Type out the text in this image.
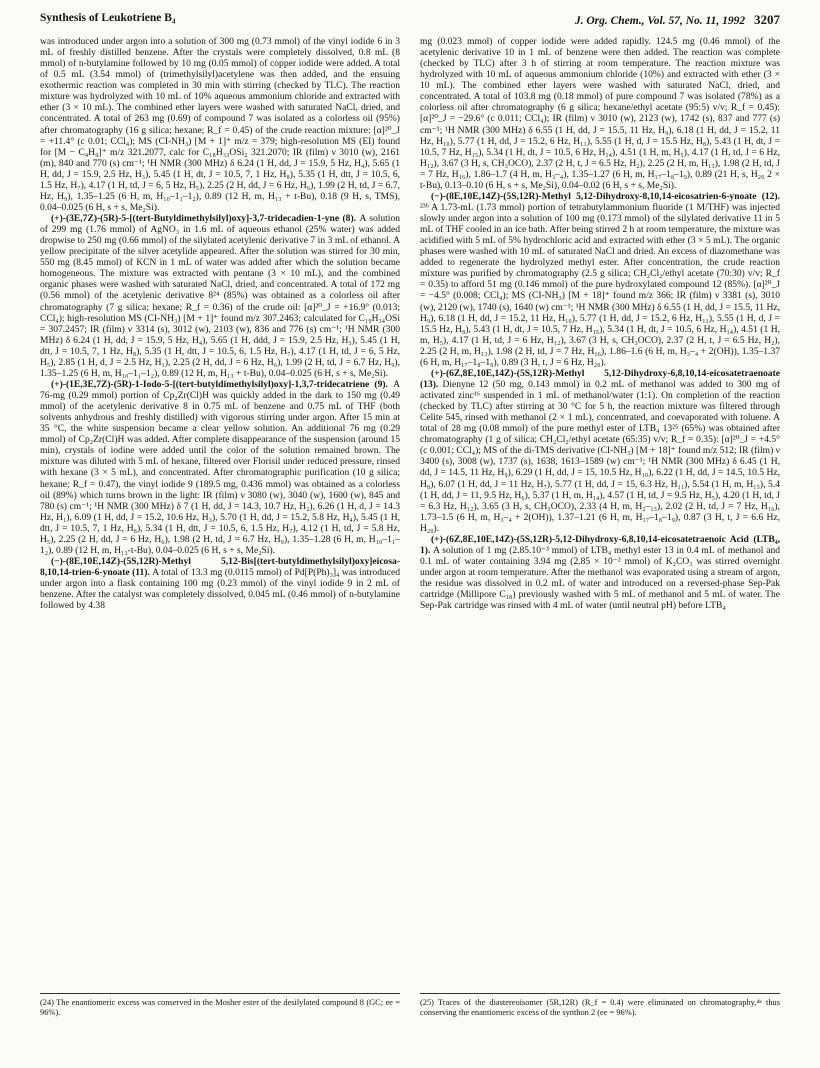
Synthesis of Leukotriene B₄	J. Org. Chem., Vol. 57, No. 11, 1992 3207

was introduced under argon into a solution of 300 mg (0.73 mmol) of the vinyl iodide 6 in 3 mL of freshly distilled benzene. After the crystals were completely dissolved, 0.8 mL (8 mmol) of n-butylamine followed by 10 mg (0.05 mmol) of copper iodide were added. A total of 0.5 mL (3.54 mmol) of (trimethylsilyl)acetylene was then added, and the ensuing exothermic reaction was completed in 30 min with stirring (checked by TLC). The reaction mixture was hydrolyzed with 10 mL of 10% aqueous ammonium chloride and extracted with ether (3 × 10 mL). The combined ether layers were washed with saturated NaCl, dried, and concentrated. A total of 263 mg (0.69) of compound 7 was isolated as a colorless oil (95%) after chromatography (16 g silica; hexane; R_f = 0.45) of the crude reaction mixture: [α]²⁰_J = +11.4° (c 0.01; CCl₄); MS (CI-NH₃) [M + 1]⁺ m/z = 379; high-resolution MS (EI) found for [M − C₄H₉]⁺ m/z 321.2077, calc for C₁₈H₃₃OSi₂ 321.2070; IR (film) ν 3010 (w), 2161 (m), 840 and 770 (s) cm⁻¹; ¹H NMR (300 MHz) δ 6.24 (1 H, dd, J = 15.9, 5 Hz, H₄), 5.65 (1 H, dd, J = 15.9, 2.5 Hz, H₃), 5.45 (1 H, dt, J = 10.5, 7, 1 Hz, H₈), 5.35 (1 H, dtt, J = 10.5, 6, 1.5 Hz, H₇), 4.17 (1 H, td, J = 6, 5 Hz, H₅), 2.25 (2 H, dd, J = 6 Hz, H₆), 1.99 (2 H, td, J = 6.7, Hz, H₉), 1.35–1.25 (6 H, m, H₁₀–1₁–1₂), 0.89 (12 H, m, H₁₃ + t-Bu), 0.18 (9 H, s, TMS), 0.04–0.025 (6 H, s + s, Me₂Si).

(+)-(3E,7Z)-(5R)-5-[(tert-Butyldimethylsilyl)oxy]-3,7-tridecadien-1-yne (8). A solution of 299 mg (1.76 mmol) of AgNO₃ in 1.6 mL of aqueous ethanol (25% water) was added dropwise to 250 mg (0.66 mmol) of the silylated acetylenic derivative 7 in 3 mL of ethanol. A yellow precipitate of the silver acetylide appeared. After the solution was stirred for 30 min, 550 mg (8.45 mmol) of KCN in 1 mL of water was added after which the solution became homogeneous. The mixture was extracted with pentane (3 × 10 mL), and the combined organic phases were washed with saturated NaCl, dried, and concentrated. A total of 172 mg (0.56 mmol) of the acetylenic derivative 8²⁴ (85%) was obtained as a colorless oil after chromatography (7 g silica; hexane; R_f = 0.36) of the crude oil: [α]²⁰_J = +16.9° (0.013; CCl₄); high-resolution MS (CI-NH₃) [M + 1]⁺ found m/z 307.2463; calculated for C₁₉H₃₄OSi = 307.2457; IR (film) ν 3314 (s), 3012 (w), 2103 (w), 836 and 776 (s) cm⁻¹; ¹H NMR (300 MHz) δ 6.24 (1 H, dd, J = 15.9, 5 Hz, H₄), 5.65 (1 H, ddd, J = 15.9, 2.5 Hz, H₃), 5.45 (1 H, dtt, J = 10.5, 7, 1 Hz, H₈), 5.35 (1 H, dtt, J = 10.5, 6, 1.5 Hz, H₇), 4.17 (1 H, td, J = 6, 5 Hz, H₅), 2.85 (1 H, d, J = 2.5 Hz, H₁), 2.25 (2 H, dd, J = 6 Hz, H₆), 1.99 (2 H, td, J = 6.7 Hz, H₉), 1.35–1.25 (6 H, m, H₁₀–1₁–1₂), 0.89 (12 H, m, H₁₃ + t-Bu), 0.04–0.025 (6 H, s + s, Me₂Si).

(+)-(1E,3E,7Z)-(5R)-1-Iodo-5-[(tert-butyldimethylsilyl)oxy]-1,3,7-tridecatriene (9). A 76-mg (0.29 mmol) portion of Cp₂Zr(Cl)H was quickly added in the dark to 150 mg (0.49 mmol) of the acetylenic derivative 8 in 0.75 mL of benzene and 0.75 mL of THF (both solvents anhydrous and freshly distilled) with vigorous stirring under argon. After 15 min at 35 °C, the white suspension became a clear yellow solution. An additional 76 mg (0.29 mmol) of Cp₂Zr(Cl)H was added. After complete disappearance of the suspension (around 15 min), crystals of iodine were added until the color of the solution remained brown. The mixture was diluted with 5 mL of hexane, filtered over Florisil under reduced pressure, rinsed with hexane (3 × 5 mL), and concentrated. After chromatographic purification (10 g silica; hexane; R_f = 0.47), the vinyl iodide 9 (189.5 mg, 0.436 mmol) was obtained as a colorless oil (89%) which turns brown in the light: IR (film) ν 3080 (w), 3040 (w), 1600 (w), 845 and 780 (s) cm⁻¹; ¹H NMR (300 MHz) δ 7 (1 H, dd, J = 14.3, 10.7 Hz, H₂), 6.26 (1 H, d, J = 14.3 Hz, H₁), 6.09 (1 H, dd, J = 15.2, 10.6 Hz, H₃), 5.70 (1 H, dd, J = 15.2, 5.8 Hz, H₄), 5.45 (1 H, dtt, J = 10.5, 7, 1 Hz, H₈), 5.34 (1 H, dtt, J = 10.5, 6, 1.5 Hz, H₇), 4.12 (1 H, td, J = 5.8 Hz, H₅), 2.25 (2 H, dd, J = 6 Hz, H₆), 1.98 (2 H, td, J = 6.7 Hz, H₉), 1.35–1.28 (6 H, m, H₁₀–1₁–1₂), 0.89 (12 H, m, H₁₃-t-Bu), 0.04–0.025 (6 H, s + s, Me₂Si).

(−)-(8E,10E,14Z)-(5S,12R)-Methyl 5,12-Bis[(tert-butyldimethylsilyl)oxy]eicosa-8,10,14-trien-6-ynoate (11). A total of 13.3 mg (0.0115 mmol) of Pd[P(Ph)₃]₄ was introduced under argon into a flask containing 100 mg (0.23 mmol) of the vinyl iodide 9 in 2 mL of benzene. After the catalyst was completely dissolved, 0.045 mL (0.46 mmol) of n-butylamine followed by 4.38

mg (0.023 mmol) of copper iodide were added rapidly. 124.5 mg (0.46 mmol) of the acetylenic derivative 10 in 1 mL of benzene were then added. The reaction was complete (checked by TLC) after 3 h of stirring at room temperature. The reaction mixture was hydrolyzed with 10 mL of aqueous ammonium chloride (10%) and extracted with ether (3 × 10 mL). The combined ether layers were washed with saturated NaCl, dried, and concentrated. A total of 103.8 mg (0.18 mmol) of pure compound 7 was isolated (78%) as a colorless oil after chromatography (6 g silica; hexane/ethyl acetate (95:5) v/v; R_f = 0.45): [α]²⁰_J = −29.6° (c 0.011; CCl₄); IR (film) ν 3010 (w), 2123 (w), 1742 (s), 837 and 777 (s) cm⁻¹; ¹H NMR (300 MHz) δ 6.55 (1 H, dd, J = 15.5, 11 Hz, H₉), 6.18 (1 H, dd, J = 15.2, 11 Hz, H₁₀), 5.77 (1 H, dd, J = 15.2, 6 Hz, H₁₁), 5.55 (1 H, d, J = 15.5 Hz, H₈), 5.43 (1 H, dt, J = 10.5, 7 Hz, H₁₅), 5.34 (1 H, dt, J = 10.5, 6 Hz, H₁₄), 4.51 (1 H, m, H₅), 4.17 (1 H, td, J = 6 Hz, H₁₂), 3.67 (3 H, s, CH₃OCO), 2.37 (2 H, t, J = 6.5 Hz, H₂), 2.25 (2 H, m, H₁₃), 1.98 (2 H, td, J = 7 Hz, H₁₆), 1.86–1.7 (4 H, m, H₃–₄), 1.35–1.27 (6 H, m, H₁₇–1₈–1₉), 0.89 (21 H, s, H₂₀ 2 × t-Bu), 0.13–0.10 (6 H, s + s, Me₂Si), 0.04–0.02 (6 H, s + s, Me₂Si).

(−)-(8E,10E,14Z)-(5S,12R)-Methyl 5,12-Dihydroxy-8,10,14-eicosatrien-6-ynoate (12). ²³ᵇ A 1.73-mL (1.73 mmol) portion of tetrabutylammonium fluoride (1 M/THF) was injected slowly under argon into a solution of 100 mg (0.173 mmol) of the silylated derivative 11 in 5 mL of THF cooled in an ice bath. After being stirred 2 h at room temperature, the mixture was acidified with 5 mL of 5% hydrochloric acid and extracted with ether (3 × 5 mL). The organic phases were washed with 10 mL of saturated NaCl and dried. An excess of diazomethane was added to regenerate the hydrolyzed methyl ester. After concentration, the crude reaction mixture was purified by chromatography (2.5 g silica; CH₂Cl₂/ethyl acetate (70:30) v/v; R_f = 0.35) to afford 51 mg (0.146 mmol) of the pure hydroxylated compound 12 (85%). [α]²⁰_J = −4.5° (0.008; CCl₄); MS (CI-NH₃) [M + 18]⁺ found m/z 366; IR (film) ν 3381 (s), 3010 (w), 2120 (w), 1740 (s), 1640 (w) cm⁻¹; ¹H NMR (300 MHz) δ 6.55 (1 H, dd, J = 15.5, 11 Hz, H₉), 6.18 (1 H, dd, J = 15.2, 11 Hz, H₁₀), 5.77 (1 H, dd, J = 15.2, 6 Hz, H₁₁), 5.55 (1 H, d, J = 15.5 Hz, H₈), 5.43 (1 H, dt, J = 10.5, 7 Hz, H₁₅), 5.34 (1 H, dt, J = 10.5, 6 Hz, H₁₄), 4.51 (1 H, m, H₅), 4.17 (1 H, td, J = 6 Hz, H₁₂), 3.67 (3 H, s, CH₃OCO), 2.37 (2 H, t, J = 6.5 Hz, H₂), 2.25 (2 H, m, H₁₃), 1.98 (2 H, td, J = 7 Hz, H₁₆), 1.86–1.6 (6 H, m, H₃–₄ + 2(OH)), 1.35–1.37 (6 H, m, H₁₇–1₈–1₉), 0.89 (3 H, t, J = 6 Hz, H₂₀).

(+)-(6Z,8E,10E,14Z)-(5S,12R)-Methyl 5,12-Dihydroxy-6,8,10,14-eicosatetraenoate (13). Dienyne 12 (50 mg, 0.143 mmol) in 0.2 mL of methanol was added to 300 mg of activated zinc¹⁶ suspended in 1 mL of methanol/water (1:1). On completion of the reaction (checked by TLC) after stirring at 30 °C for 5 h, the reaction mixture was filtered through Celite 545, rinsed with methanol (2 × 1 mL), concentrated, and coevaporated with toluene. A total of 28 mg (0.08 mmol) of the pure methyl ester of LTB₄ 13²⁵ (65%) was obtained after chromatography (1 g of silica; CH₂Cl₂/ethyl acetate (65:35) v/v; R_f = 0.35): [α]²⁰_J = +4.5° (c 0.001; CCl₄); MS of the di-TMS derivative (CI-NH₃) [M + 18]⁺ found m/z 512; IR (film) ν 3400 (s), 3008 (w), 1737 (s), 1638, 1613–1589 (w) cm⁻¹; ¹H NMR (300 MHz) δ 6.45 (1 H, dd, J = 14.5, 11 Hz, H₉), 6.29 (1 H, dd, J = 15, 10.5 Hz, H₁₀), 6.22 (1 H, dd, J = 14.5, 10.5 Hz, H₈), 6.07 (1 H, dd, J = 11 Hz, H₇), 5.77 (1 H, dd, J = 15, 6.3 Hz, H₁₁), 5.54 (1 H, m, H₁₅), 5.4 (1 H, dd, J = 11, 9.5 Hz, H₆), 5.37 (1 H, m, H₁₄), 4.57 (1 H, td, J = 9.5 Hz, H₅), 4.20 (1 H, td, J = 6.3 Hz, H₁₂), 3.65 (3 H, s, CH₃OCO), 2.33 (4 H, m, H₂–₁₃), 2.02 (2 H, td, J = 7 Hz, H₁₆), 1.73–1.5 (6 H, m, H₃–₄ + 2(OH)), 1.37–1.21 (6 H, m, H₁₇–1₈–1₉), 0.87 (3 H, t, J = 6.6 Hz, H₂₀).

(+)-(6Z,8E,10E,14Z)-(5S,12R)-5,12-Dihydroxy-6,8,10,14-eicosatetraenoic Acid (LTB₄, 1). A solution of 1 mg (2.85.10⁻³ mmol) of LTB₄ methyl ester 13 in 0.4 mL of methanol and 0.1 mL of water containing 3.94 mg (2.85 × 10⁻² mmol) of K₂CO₃ was stirred overnight under argon at room temperature. After the methanol was evaporated using a stream of argon, the residue was dissolved in 0.2 mL of water and introduced on a reversed-phase Sep-Pak cartridge (Millipore C₁₈) previously washed with 5 mL of methanol and 5 mL of water. The Sep-Pak cartridge was rinsed with 4 mL of water (until neutral pH) before LTB₄

(24) The enantiomeric excess was conserved in the Mosher ester of the desilylated compound 8 (GC; ee = 96%).
(25) Traces of the diastereoisomer (5R,12R) (R_f = 0.4) were eliminated on chromatography,⁴ᵏ thus conserving the enantiomeric excess of the synthon 2 (ee = 96%).
